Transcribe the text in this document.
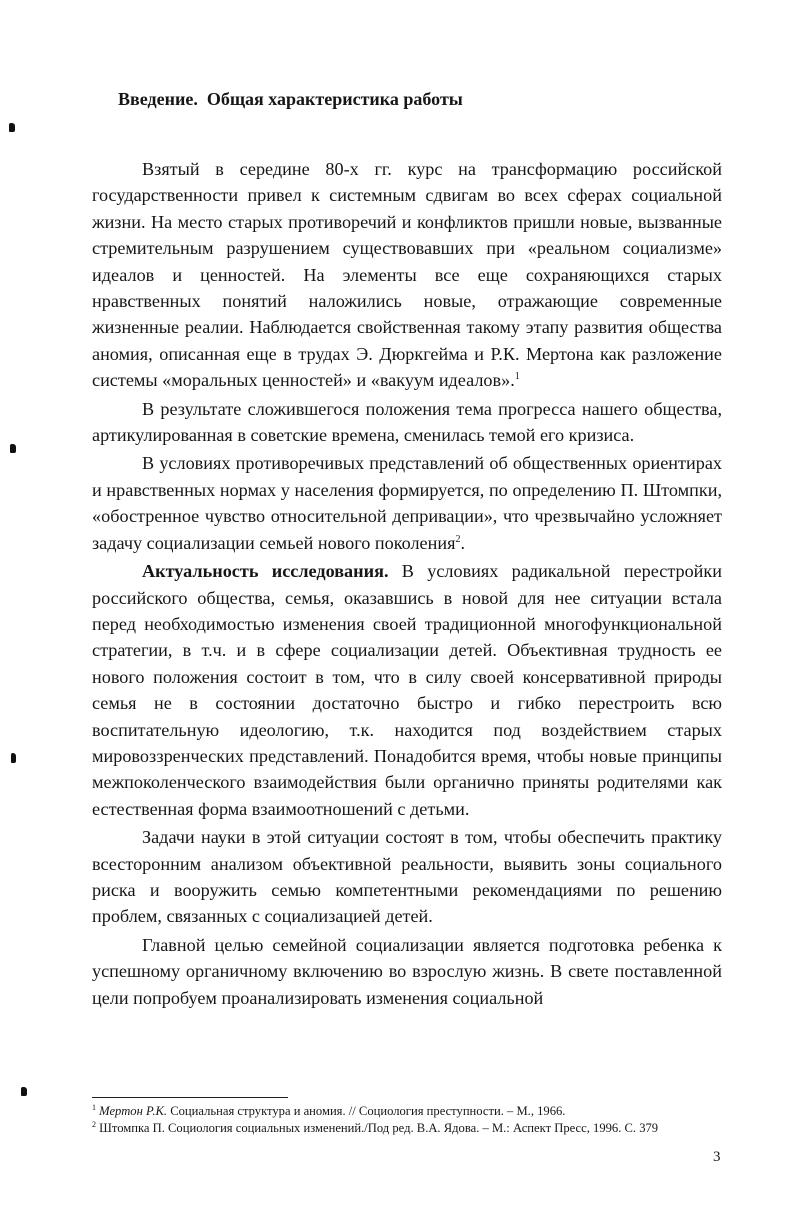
Введение. Общая характеристика работы

Взятый в середине 80-х гг. курс на трансформацию российской государственности привел к системным сдвигам во всех сферах социальной жизни. На место старых противоречий и конфликтов пришли новые, вызванные стремительным разрушением существовавших при «реальном социализме» идеалов и ценностей. На элементы все еще сохраняющихся старых нравственных понятий наложились новые, отражающие современные жизненные реалии. Наблюдается свойственная такому этапу развития общества аномия, описанная еще в трудах Э. Дюркгейма и Р.К. Мертона как разложение системы «моральных ценностей» и «вакуум идеалов».$^1$

В результате сложившегося положения тема прогресса нашего общества, артикулированная в советские времена, сменилась темой его кризиса.

В условиях противоречивых представлений об общественных ориентирах и нравственных нормах у населения формируется, по определению П. Штомпки, «обостренное чувство относительной депривации», что чрезвычайно усложняет задачу социализации семьей нового поколения$^2$.

Актуальность исследования. В условиях радикальной перестройки российского общества, семья, оказавшись в новой для нее ситуации встала перед необходимостью изменения своей традиционной многофункциональной стратегии, в т.ч. и в сфере социализации детей. Объективная трудность ее нового положения состоит в том, что в силу своей консервативной природы семья не в состоянии достаточно быстро и гибко перестроить всю воспитательную идеологию, т.к. находится под воздействием старых мировоззренческих представлений. Понадобится время, чтобы новые принципы межпоколенческого взаимодействия были органично приняты родителями как естественная форма взаимоотношений с детьми.

Задачи науки в этой ситуации состоят в том, чтобы обеспечить практику всесторонним анализом объективной реальности, выявить зоны социального риска и вооружить семью компетентными рекомендациями по решению проблем, связанных с социализацией детей.

Главной целью семейной социализации является подготовка ребенка к успешному органичному включению во взрослую жизнь. В свете поставленной цели попробуем проанализировать изменения социальной

$^1$ Мертон Р.К. Социальная структура и аномия. // Социология преступности. – М., 1966.
$^2$ Штомпка П. Социология социальных изменений./Под ред. В.А. Ядова. – М.: Аспект Пресс, 1996. С. 379
3
